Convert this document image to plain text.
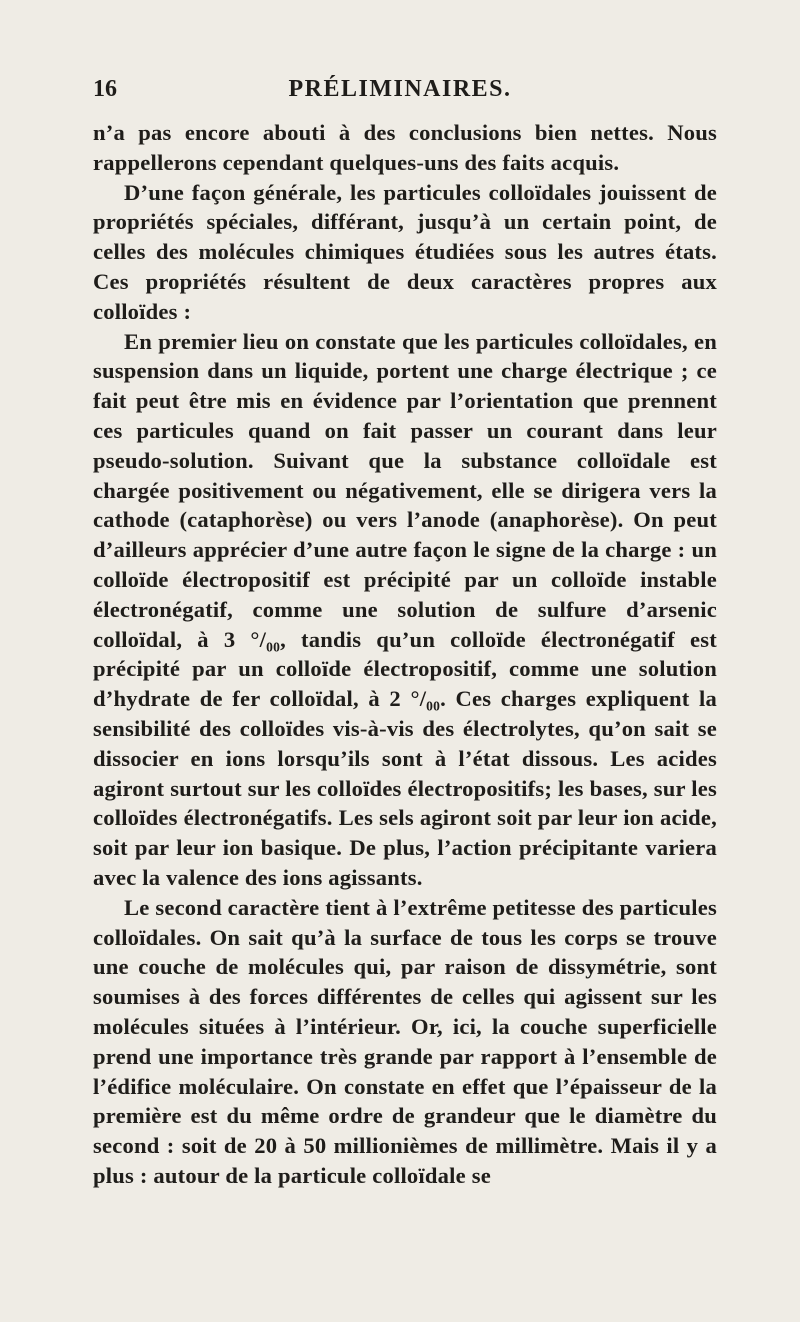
16	PRÉLIMINAIRES.

n’a pas encore abouti à des conclusions bien nettes. Nous rappellerons cependant quelques-uns des faits acquis.

D’une façon générale, les particules colloïdales jouissent de propriétés spéciales, différant, jusqu’à un certain point, de celles des molécules chimiques étudiées sous les autres états. Ces propriétés résultent de deux caractères propres aux colloïdes :

En premier lieu on constate que les particules colloïdales, en suspension dans un liquide, portent une charge électrique ; ce fait peut être mis en évidence par l’orientation que prennent ces particules quand on fait passer un courant dans leur pseudo-solution. Suivant que la substance colloïdale est chargée positivement ou négativement, elle se dirigera vers la cathode (cataphorèse) ou vers l’anode (anaphorèse). On peut d’ailleurs apprécier d’une autre façon le signe de la charge : un colloïde électropositif est précipité par un colloïde instable électronégatif, comme une solution de sulfure d’arsenic colloïdal, à 3 °/₀₀, tandis qu’un colloïde électronégatif est précipité par un colloïde électropositif, comme une solution d’hydrate de fer colloïdal, à 2 °/₀₀. Ces charges expliquent la sensibilité des colloïdes vis-à-vis des électrolytes, qu’on sait se dissocier en ions lorsqu’ils sont à l’état dissous. Les acides agiront surtout sur les colloïdes électropositifs; les bases, sur les colloïdes électronégatifs. Les sels agiront soit par leur ion acide, soit par leur ion basique. De plus, l’action précipitante variera avec la valence des ions agissants.

Le second caractère tient à l’extrême petitesse des particules colloïdales. On sait qu’à la surface de tous les corps se trouve une couche de molécules qui, par raison de dissymétrie, sont soumises à des forces différentes de celles qui agissent sur les molécules situées à l’intérieur. Or, ici, la couche superficielle prend une importance très grande par rapport à l’ensemble de l’édifice moléculaire. On constate en effet que l’épaisseur de la première est du même ordre de grandeur que le diamètre du second : soit de 20 à 50 millionièmes de millimètre. Mais il y a plus : autour de la particule colloïdale se
